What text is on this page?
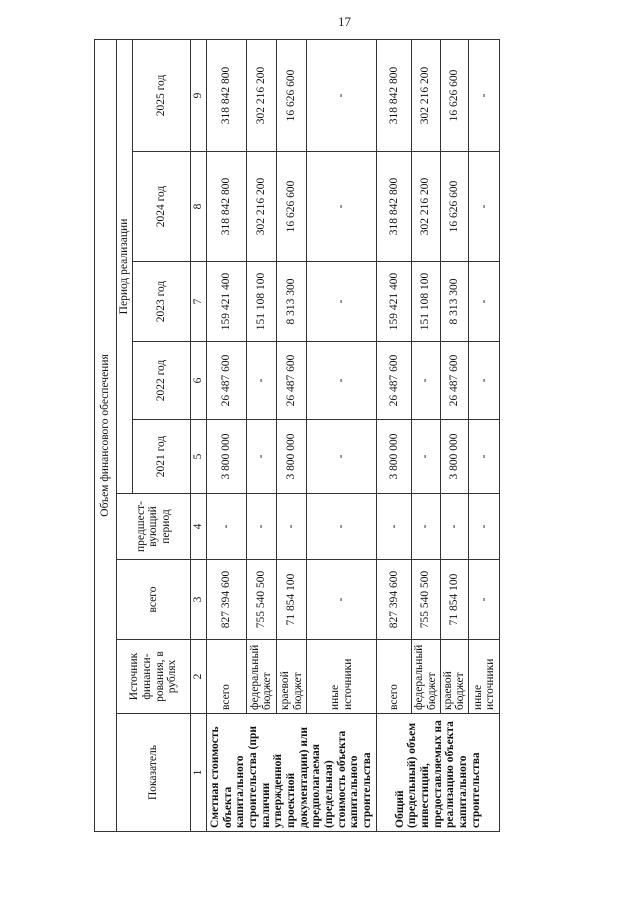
17
Объем финансового обеспечения								
Показатель	Источник финанси- рования, в рублях	всего	предшест- вующий период	Период реализации				
				2021 год	2022 год	2023 год	2024 год	2025 год
1	2	3	4	5	6	7	8	9
Сметная стоимость объекта капитального строительства (при наличии утвержденной проектной документации) или предполагаемая (предельная) стоимость объекта капитального строительства	всего	827 394 600	-	3 800 000	26 487 600	159 421 400	318 842 800	318 842 800
	федеральный бюджет	755 540 500	-	-	-	151 108 100	302 216 200	302 216 200
	краевой бюджет	71 854 100	-	3 800 000	26 487 600	8 313 300	16 626 600	16 626 600
	иные источники	-	-	-	-	-	-	-
Общий (предельный) объем инвестиций, предоставляемых на реализацию объекта капитального строительства	всего	827 394 600	-	3 800 000	26 487 600	159 421 400	318 842 800	318 842 800
	федеральный бюджет	755 540 500	-	-	-	151 108 100	302 216 200	302 216 200
	краевой бюджет	71 854 100	-	3 800 000	26 487 600	8 313 300	16 626 600	16 626 600
	иные источники	-	-	-	-	-	-	-
